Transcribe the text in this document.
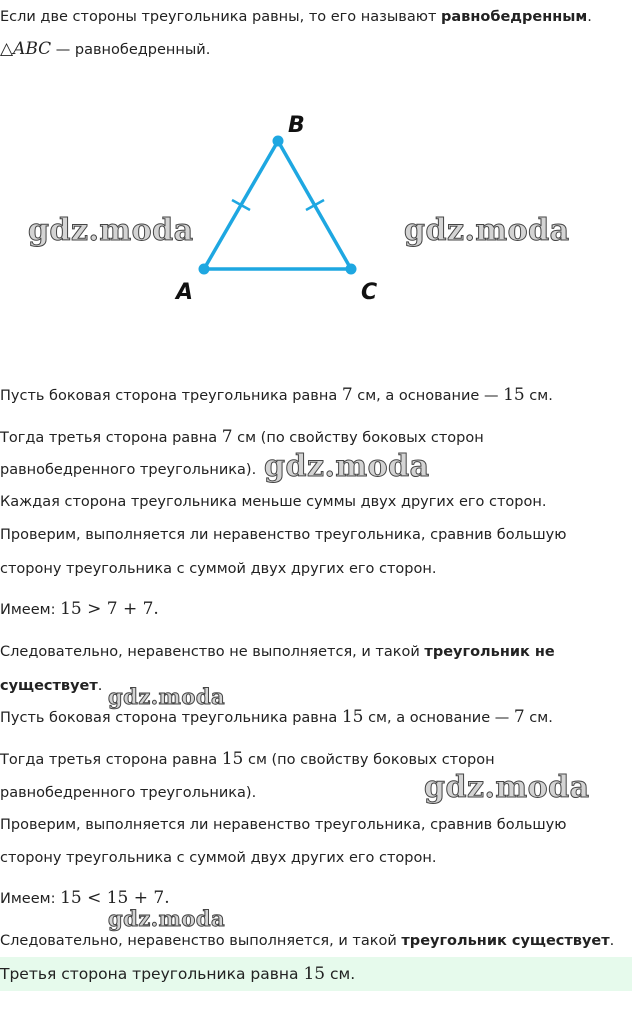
Если две стороны треугольника равны, то его называют равнобедренным.
△ABC — равнобедренный.
B
A	C
gdz.moda	gdz.moda
gdz.moda
gdz.moda
gdz.moda
gdz.moda
Пусть боковая сторона треугольника равна 7 см, а основание — 15 см.
Тогда третья сторона равна 7 см (по свойству боковых сторон
равнобедренного треугольника).
Каждая сторона треугольника меньше суммы двух других его сторон.
Проверим, выполняется ли неравенство треугольника, сравнив большую
сторону треугольника с суммой двух других его сторон.
Имеем: 15 > 7 + 7.
Следовательно, неравенство не выполняется, и такой треугольник не
существует.
Пусть боковая сторона треугольника равна 15 см, а основание — 7 см.
Тогда третья сторона равна 15 см (по свойству боковых сторон
равнобедренного треугольника).
Проверим, выполняется ли неравенство треугольника, сравнив большую
сторону треугольника с суммой двух других его сторон.
Имеем: 15 < 15 + 7.
Следовательно, неравенство выполняется, и такой треугольник существует.
Третья сторона треугольника равна 15 см.
